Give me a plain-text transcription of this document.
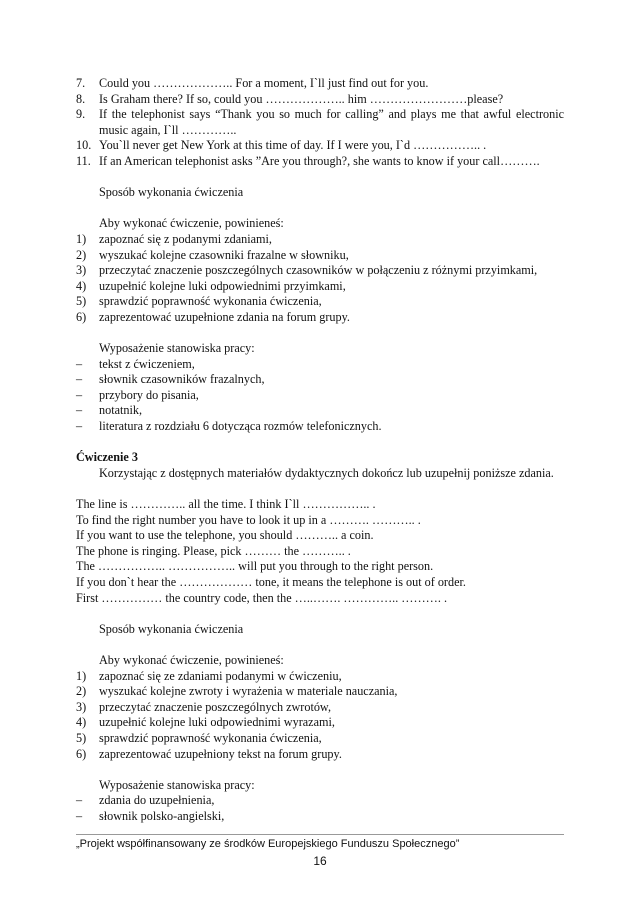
7.	Could you ……………….. For a moment, I`ll just find out for you.
8.	Is Graham there? If so, could you ……………….. him ……………………please?
9.	If the telephonist says “Thank you so much for calling” and plays me that awful electronic music again, I`ll …………..
10. You`ll never get New York at this time of day. If I were you, I`d …………….. .
11. If an American telephonist asks ”Are you through?, she wants to know if your call……….
Sposób wykonania ćwiczenia
Aby wykonać ćwiczenie, powinieneś:
1)	zapoznać się z podanymi zdaniami,
2)	wyszukać kolejne czasowniki frazalne w słowniku,
3)	przeczytać znaczenie poszczególnych czasowników w połączeniu z różnymi przyimkami,
4)	uzupełnić kolejne luki odpowiednimi przyimkami,
5)	sprawdzić poprawność wykonania ćwiczenia,
6)	zaprezentować uzupełnione zdania na forum grupy.
Wyposażenie stanowiska pracy:
–	tekst z ćwiczeniem,
–	słownik czasowników frazalnych,
–	przybory do pisania,
–	notatnik,
–	literatura z rozdziału 6 dotycząca rozmów telefonicznych.
Ćwiczenie 3
Korzystając z dostępnych materiałów dydaktycznych dokończ lub uzupełnij poniższe zdania.
The line is ………….. all the time. I think I`ll …………….. .
To find the right number you have to look it up in a ………. ……….. .
If you want to use the telephone, you should ……….. a coin.
The phone is ringing. Please, pick ……… the ……….. .
The …………….. …………….. will put you through to the right person.
If you don`t hear the ……………… tone, it means the telephone is out of order.
First …………… the country code, then the …..……. ………….. ………. .
Sposób wykonania ćwiczenia
Aby wykonać ćwiczenie, powinieneś:
1)	zapoznać się ze zdaniami podanymi w ćwiczeniu,
2)	wyszukać kolejne zwroty i wyrażenia w materiale nauczania,
3)	przeczytać znaczenie poszczególnych zwrotów,
4)	uzupełnić kolejne luki odpowiednimi wyrazami,
5)	sprawdzić poprawność wykonania ćwiczenia,
6)	zaprezentować uzupełniony tekst na forum grupy.
Wyposażenie stanowiska pracy:
–	zdania do uzupełnienia,
–	słownik polsko-angielski,
„Projekt współfinansowany ze środków Europejskiego Funduszu Społecznego”
16
